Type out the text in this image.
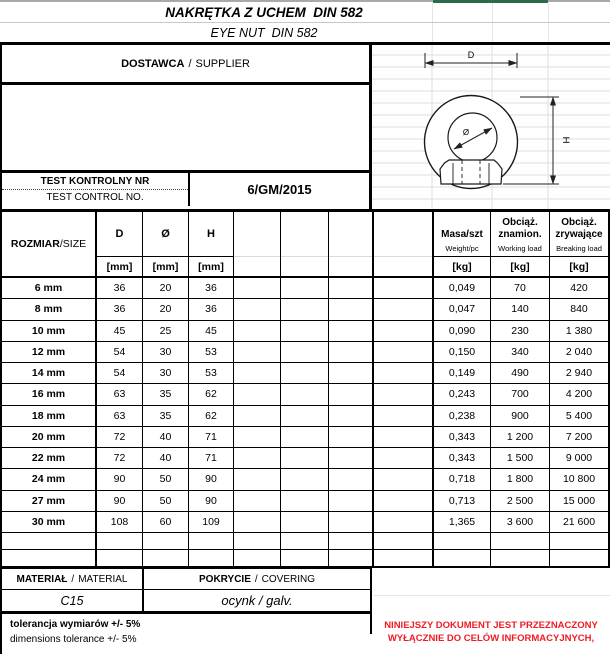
NAKRĘTKA Z UCHEM  DIN 582
EYE NUT  DIN 582
DOSTAWCA / SUPPLIER
TEST KONTROLNY NR
TEST CONTROL NO.	6/GM/2015
Ø
D
H
ROZMIAR /SIZE
D
[mm]
Ø
[mm]
H
[mm]
Masa/szt
Weight/pc
[kg]
Obciąż. znamion.
Working load
[kg]
Obciąż. zrywające
Breaking load
[kg]
6 mm	36	20	36	0,049	70	420
8 mm	36	20	36	0,047	140	840
10 mm	45	25	45	0,090	230	1 380
12 mm	54	30	53	0,150	340	2 040
14 mm	54	30	53	0,149	490	2 940
16 mm	63	35	62	0,243	700	4 200
18 mm	63	35	62	0,238	900	5 400
20 mm	72	40	71	0,343	1 200	7 200
22 mm	72	40	71	0,343	1 500	9 000
24 mm	90	50	90	0,718	1 800	10 800
27 mm	90	50	90	0,713	2 500	15 000
30 mm	108	60	109	1,365	3 600	21 600
MATERIAŁ / MATERIAL
C15
POKRYCIE / COVERING
ocynk / galv.
tolerancja wymiarów +/- 5%
dimensions tolerance +/- 5%
NINIEJSZY DOKUMENT JEST PRZEZNACZONY
WYŁĄCZNIE DO CELÓW INFORMACYJNYCH,
